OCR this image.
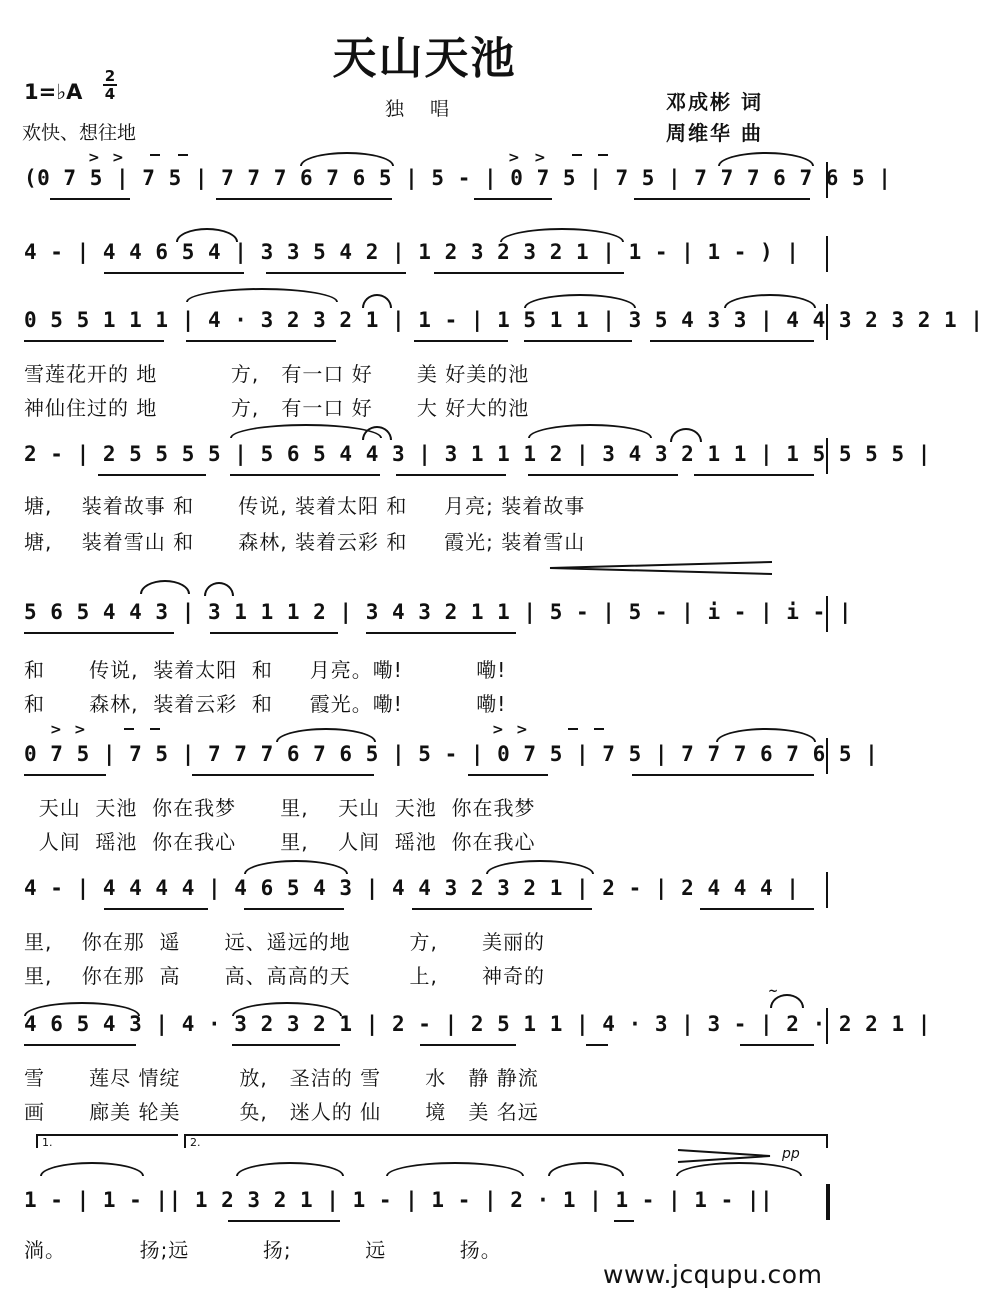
天山天池
独 唱
1=♭A
2
4
欢快、想往地
邓成彬 词
周维华 曲
> >	> >
(0 7 5 | 7 5 | 7 7 7 6 7 6 5 | 5 - | 0 7 5 | 7 5 | 7 7 7 6 7 6 5 |
4 - | 4 4 6 5 4 | 3 3 5 4 2 | 1 2 3 2 3 2 1 | 1 - | 1 - ) |
0 5 5 1 1 1 | 4 · 3 2 3 2 1 | 1 - | 1 5 1 1 | 3 5 4 3 3 | 4 4 3 2 3 2 1 |
雪莲花开的 地          方,   有一口 好      美 好美的池
神仙住过的 地          方,   有一口 好      大 好大的池
2 - | 2 5 5 5 5 | 5 6 5 4 4 3 | 3 1 1 1 2 | 3 4 3 2 1 1 | 1 5 5 5 5 |
塘,    装着故事 和      传说, 装着太阳 和     月亮; 装着故事
塘,    装着雪山 和      森林, 装着云彩 和     霞光; 装着雪山
5 6 5 4 4 3 | 3 1 1 1 2 | 3 4 3 2 1 1 | 5 - | 5 - | i - | i - |
和      传说,  装着太阳  和     月亮。嘞!          嘞!
和      森林,  装着云彩  和     霞光。嘞!          嘞!
> >	> >
0 7 5 | 7 5 | 7 7 7 6 7 6 5 | 5 - | 0 7 5 | 7 5 | 7 7 7 6 7 6 5 |
天山  天池  你在我梦      里,    天山  天池  你在我梦
人间  瑶池  你在我心      里,    人间  瑶池  你在我心
4 - | 4 4 4 4 | 4 6 5 4 3 | 4 4 3 2 3 2 1 | 2 - | 2 4 4 4 |
里,    你在那  遥      远、遥远的地        方,      美丽的
里,    你在那  高      高、高高的天        上,      神奇的
~
4 6 5 4 3 | 4 · 3 2 3 2 1 | 2 - | 2 5 1 1 | 4 · 3 | 3 - | 2 · 2 2 1 |
雪      莲尽 情绽        放,   圣洁的 雪      水   静 静流
画      廊美 轮美        奂,   迷人的 仙      境   美 名远
1.	2.
pp
1 - | 1 - || 1 2 3 2 1 | 1 - | 1 - | 2 · 1 | 1 - | 1 - ||
淌。          扬;远          扬;          远          扬。
www.jcqupu.com
